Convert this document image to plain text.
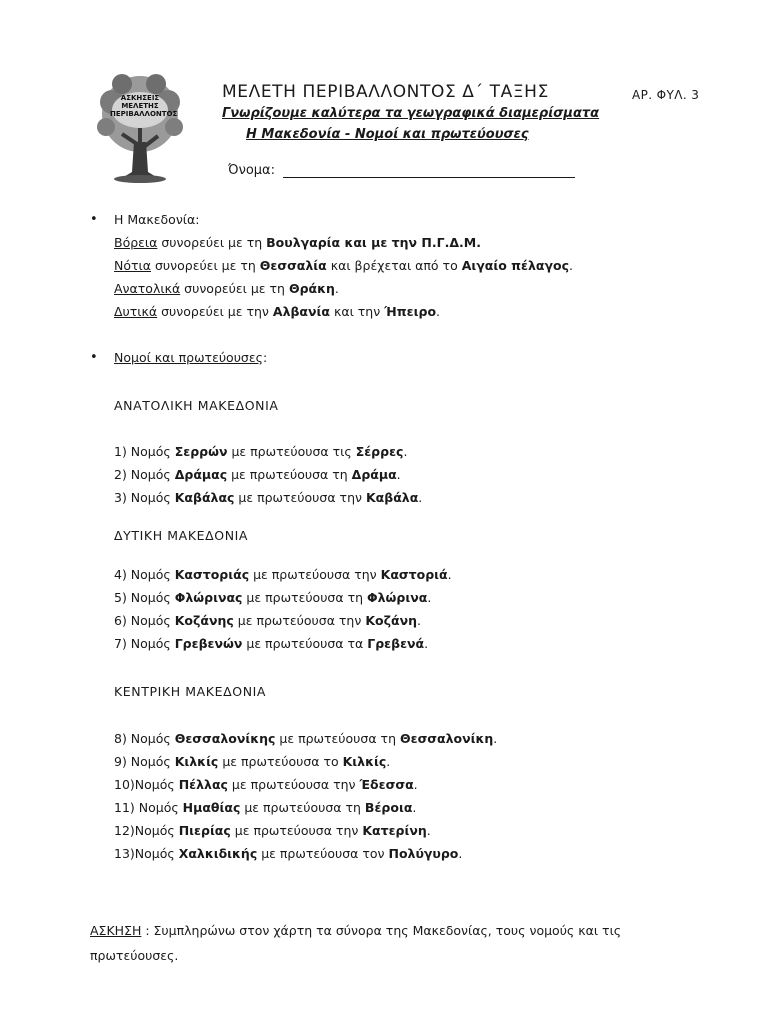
ΑΣΚΗΣΕΙΣ
ΜΕΛΕΤΗΣ
ΠΕΡΙΒΑΛΛΟΝΤΟΣ
ΜΕΛΕΤΗ ΠΕΡΙΒΑΛΛΟΝΤΟΣ Δ΄ ΤΑΞΗΣ	ΑΡ. ΦΥΛ. 3
Γνωρίζουμε καλύτερα τα γεωγραφικά διαμερίσματα
Η Μακεδονία - Νομοί και πρωτεύουσες
Όνομα:
• Η Μακεδονία:
Βόρεια συνορεύει με τη Βουλγαρία και με την Π.Γ.Δ.Μ.
Νότια συνορεύει με τη Θεσσαλία και βρέχεται από το Αιγαίο πέλαγος.
Ανατολικά συνορεύει με τη Θράκη.
Δυτικά συνορεύει με την Αλβανία και την Ήπειρο.
• Νομοί και πρωτεύουσες:
ΑΝΑΤΟΛΙΚΗ ΜΑΚΕΔΟΝΙΑ
1) Νομός Σερρών με πρωτεύουσα τις Σέρρες.
2) Νομός Δράμας με πρωτεύουσα τη Δράμα.
3) Νομός Καβάλας με πρωτεύουσα την Καβάλα.
ΔΥΤΙΚΗ ΜΑΚΕΔΟΝΙΑ
4) Νομός Καστοριάς με πρωτεύουσα την Καστοριά.
5) Νομός Φλώρινας με πρωτεύουσα τη Φλώρινα.
6) Νομός Κοζάνης με πρωτεύουσα την Κοζάνη.
7) Νομός Γρεβενών με πρωτεύουσα τα Γρεβενά.
ΚΕΝΤΡΙΚΗ ΜΑΚΕΔΟΝΙΑ
8) Νομός Θεσσαλονίκης με πρωτεύουσα τη Θεσσαλονίκη.
9) Νομός Κιλκίς με πρωτεύουσα το Κιλκίς.
10)Νομός Πέλλας με πρωτεύουσα την Έδεσσα.
11) Νομός Ημαθίας με πρωτεύουσα τη Βέροια.
12)Νομός Πιερίας με πρωτεύουσα την Κατερίνη.
13)Νομός Χαλκιδικής με πρωτεύουσα τον Πολύγυρο.
ΑΣΚΗΣΗ : Συμπληρώνω στον χάρτη τα σύνορα της Μακεδονίας, τους νομούς και τις πρωτεύουσες.
